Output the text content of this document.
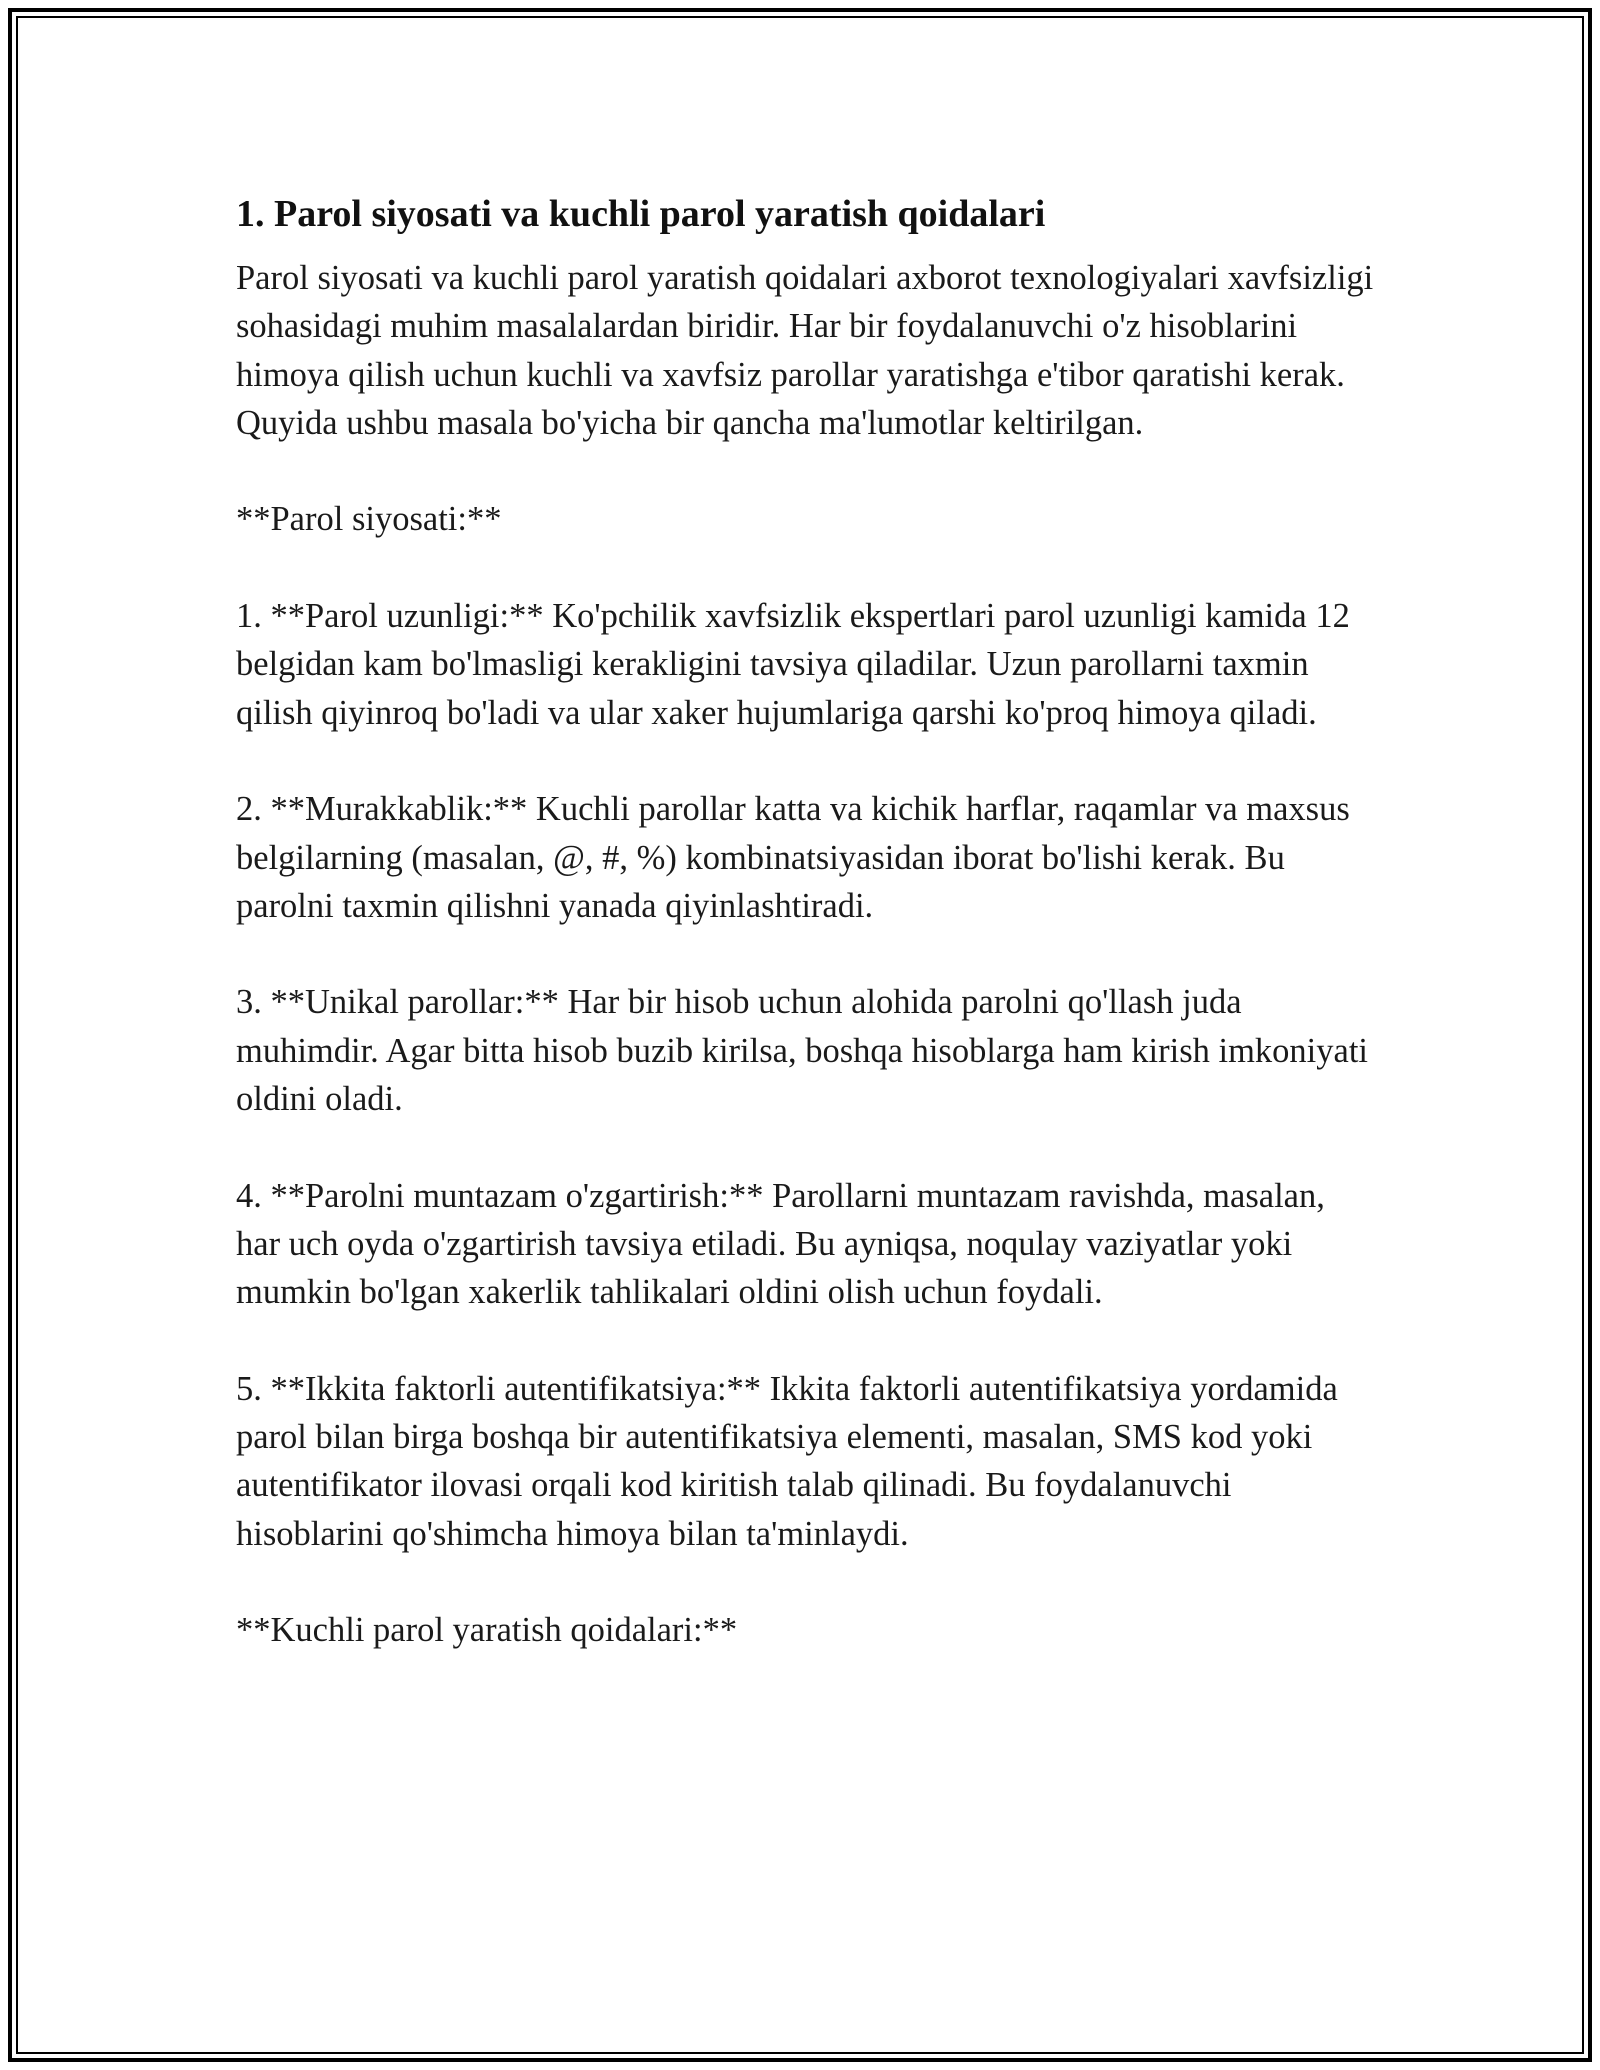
1. Parol siyosati va kuchli parol yaratish qoidalari

Parol siyosati va kuchli parol yaratish qoidalari axborot texnologiyalari xavfsizligi sohasidagi muhim masalalardan biridir. Har bir foydalanuvchi o'z hisoblarini himoya qilish uchun kuchli va xavfsiz parollar yaratishga e'tibor qaratishi kerak. Quyida ushbu masala bo'yicha bir qancha ma'lumotlar keltirilgan.

**Parol siyosati:**

1. **Parol uzunligi:** Ko'pchilik xavfsizlik ekspertlari parol uzunligi kamida 12 belgidan kam bo'lmasligi kerakligini tavsiya qiladilar. Uzun parollarni taxmin qilish qiyinroq bo'ladi va ular xaker hujumlariga qarshi ko'proq himoya qiladi.

2. **Murakkablik:** Kuchli parollar katta va kichik harflar, raqamlar va maxsus belgilarning (masalan, @, #, %) kombinatsiyasidan iborat bo'lishi kerak. Bu parolni taxmin qilishni yanada qiyinlashtiradi.

3. **Unikal parollar:** Har bir hisob uchun alohida parolni qo'llash juda muhimdir. Agar bitta hisob buzib kirilsa, boshqa hisoblarga ham kirish imkoniyati oldini oladi.

4. **Parolni muntazam o'zgartirish:** Parollarni muntazam ravishda, masalan, har uch oyda o'zgartirish tavsiya etiladi. Bu ayniqsa, noqulay vaziyatlar yoki mumkin bo'lgan xakerlik tahlikalari oldini olish uchun foydali.

5. **Ikkita faktorli autentifikatsiya:** Ikkita faktorli autentifikatsiya yordamida parol bilan birga boshqa bir autentifikatsiya elementi, masalan, SMS kod yoki autentifikator ilovasi orqali kod kiritish talab qilinadi. Bu foydalanuvchi hisoblarini qo'shimcha himoya bilan ta'minlaydi.

**Kuchli parol yaratish qoidalari:**
